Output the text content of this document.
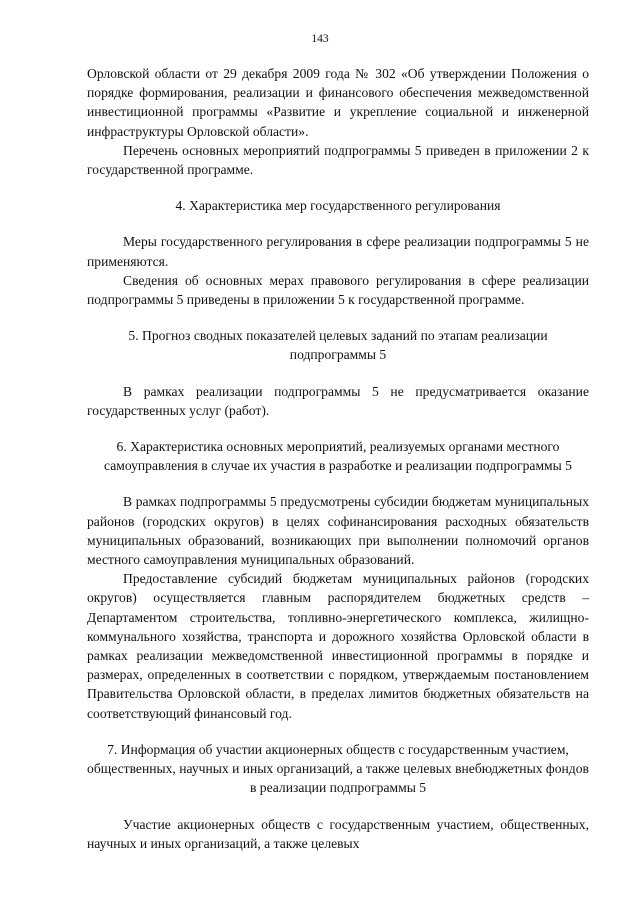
143

Орловской области от 29 декабря 2009 года № 302 «Об утверждении Положения о порядке формирования, реализации и финансового обеспечения межведомственной инвестиционной программы «Развитие и укрепление социальной и инженерной инфраструктуры Орловской области».

Перечень основных мероприятий подпрограммы 5 приведен в приложении 2 к государственной программе.

4. Характеристика мер государственного регулирования

Меры государственного регулирования в сфере реализации подпрограммы 5 не применяются.

Сведения об основных мерах правового регулирования в сфере реализации подпрограммы 5 приведены в приложении 5 к государственной программе.

5. Прогноз сводных показателей целевых заданий по этапам реализации подпрограммы 5

В рамках реализации подпрограммы 5 не предусматривается оказание государственных услуг (работ).

6. Характеристика основных мероприятий, реализуемых органами местного самоуправления в случае их участия в разработке и реализации подпрограммы 5

В рамках подпрограммы 5 предусмотрены субсидии бюджетам муниципальных районов (городских округов) в целях софинансирования расходных обязательств муниципальных образований, возникающих при выполнении полномочий органов местного самоуправления муниципальных образований.

Предоставление субсидий бюджетам муниципальных районов (городских округов) осуществляется главным распорядителем бюджетных средств – Департаментом строительства, топливно-энергетического комплекса, жилищно-коммунального хозяйства, транспорта и дорожного хозяйства Орловской области в рамках реализации межведомственной инвестиционной программы в порядке и размерах, определенных в соответствии с порядком, утверждаемым постановлением Правительства Орловской области, в пределах лимитов бюджетных обязательств на соответствующий финансовый год.

7. Информация об участии акционерных обществ с государственным участием, общественных, научных и иных организаций, а также целевых внебюджетных фондов в реализации подпрограммы 5

Участие акционерных обществ с государственным участием, общественных, научных и иных организаций, а также целевых
